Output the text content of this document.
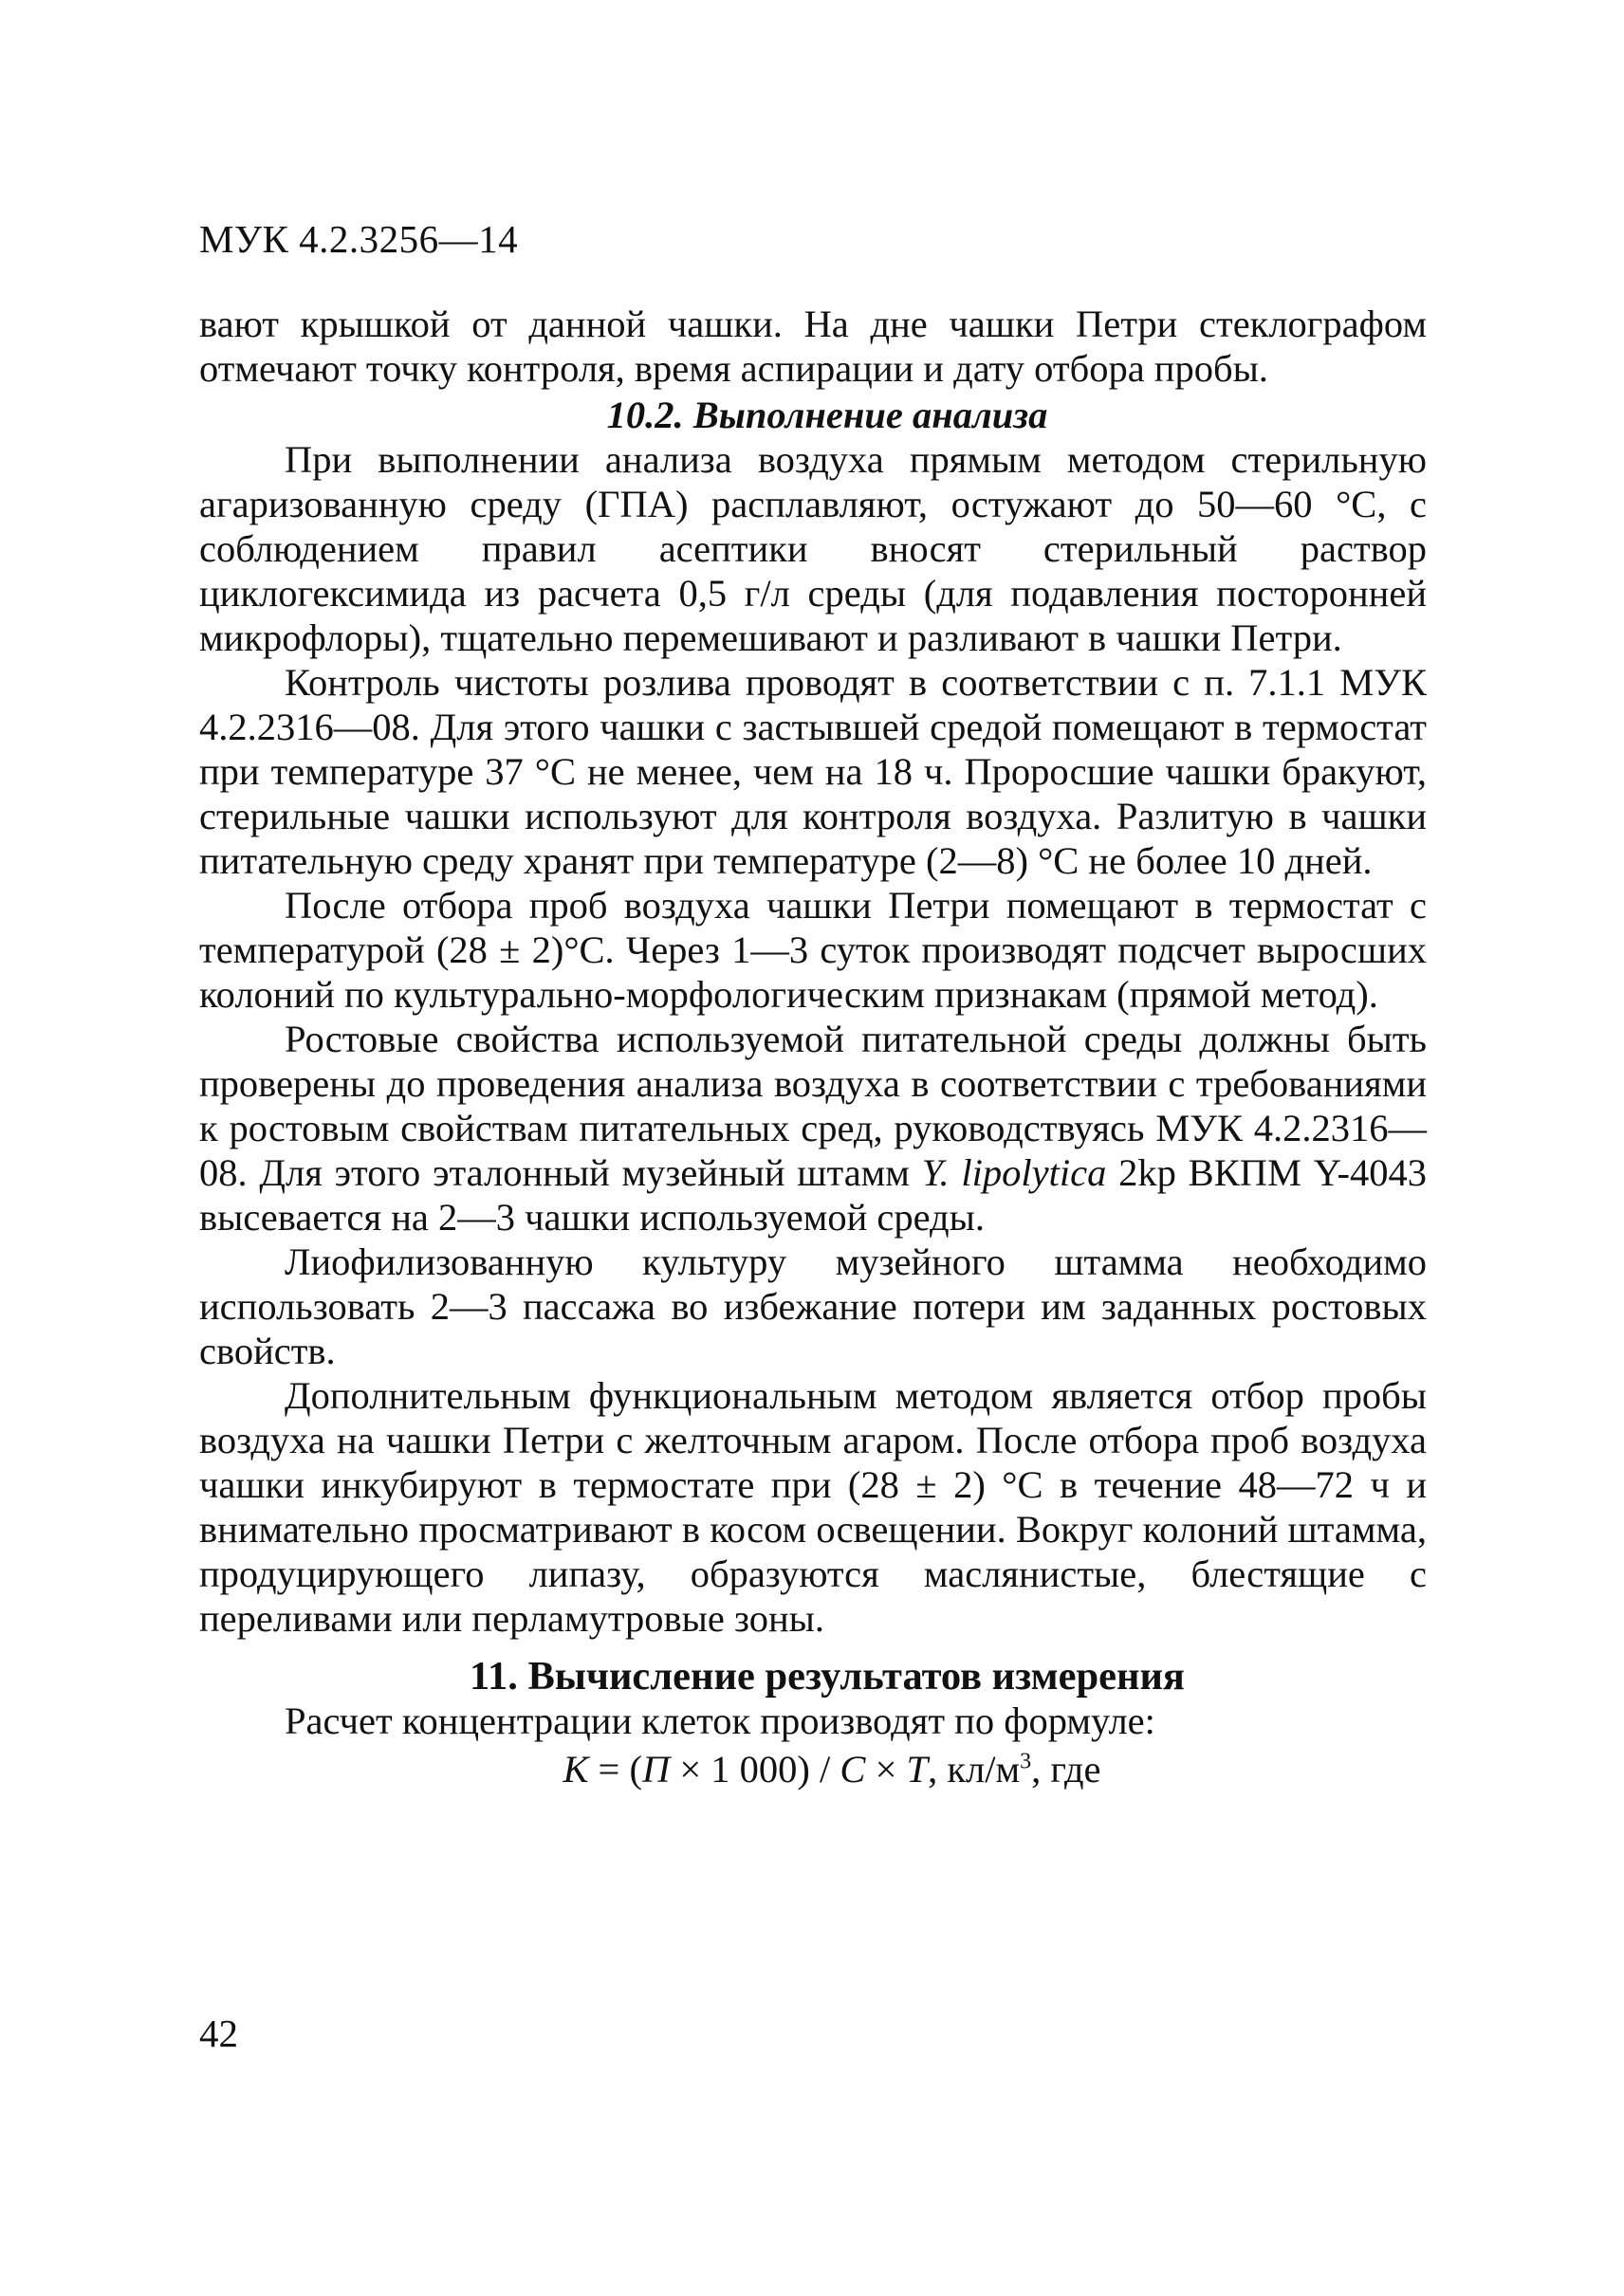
МУК 4.2.3256—14

вают крышкой от данной чашки. На дне чашки Петри стеклографом отмечают точку контроля, время аспирации и дату отбора пробы.

10.2. Выполнение анализа

При выполнении анализа воздуха прямым методом стерильную агаризованную среду (ГПА) расплавляют, остужают до 50—60 °С, с соблюдением правил асептики вносят стерильный раствор циклогексимида из расчета 0,5 г/л среды (для подавления посторонней микрофлоры), тщательно перемешивают и разливают в чашки Петри.

Контроль чистоты розлива проводят в соответствии с п. 7.1.1 МУК 4.2.2316—08. Для этого чашки с застывшей средой помещают в термостат при температуре 37 °С не менее, чем на 18 ч. Проросшие чашки бракуют, стерильные чашки используют для контроля воздуха. Разлитую в чашки питательную среду хранят при температуре (2—8) °С не более 10 дней.

После отбора проб воздуха чашки Петри помещают в термостат с температурой (28 ± 2)°С. Через 1—3 суток производят подсчет выросших колоний по культурально-морфологическим признакам (прямой метод).

Ростовые свойства используемой питательной среды должны быть проверены до проведения анализа воздуха в соответствии с требованиями к ростовым свойствам питательных сред, руководствуясь МУК 4.2.2316—08. Для этого эталонный музейный штамм Y. lipolytica 2kp ВКПМ Y-4043 высевается на 2—3 чашки используемой среды.

Лиофилизованную культуру музейного штамма необходимо использовать 2—3 пассажа во избежание потери им заданных ростовых свойств.

Дополнительным функциональным методом является отбор пробы воздуха на чашки Петри с желточным агаром. После отбора проб воздуха чашки инкубируют в термостате при (28 ± 2) °С в течение 48—72 ч и внимательно просматривают в косом освещении. Вокруг колоний штамма, продуцирующего липазу, образуются маслянистые, блестящие с переливами или перламутровые зоны.

11. Вычисление результатов измерения

Расчет концентрации клеток производят по формуле:

К = (П × 1 000) / С × Т, $кл/м^3$, где
42
